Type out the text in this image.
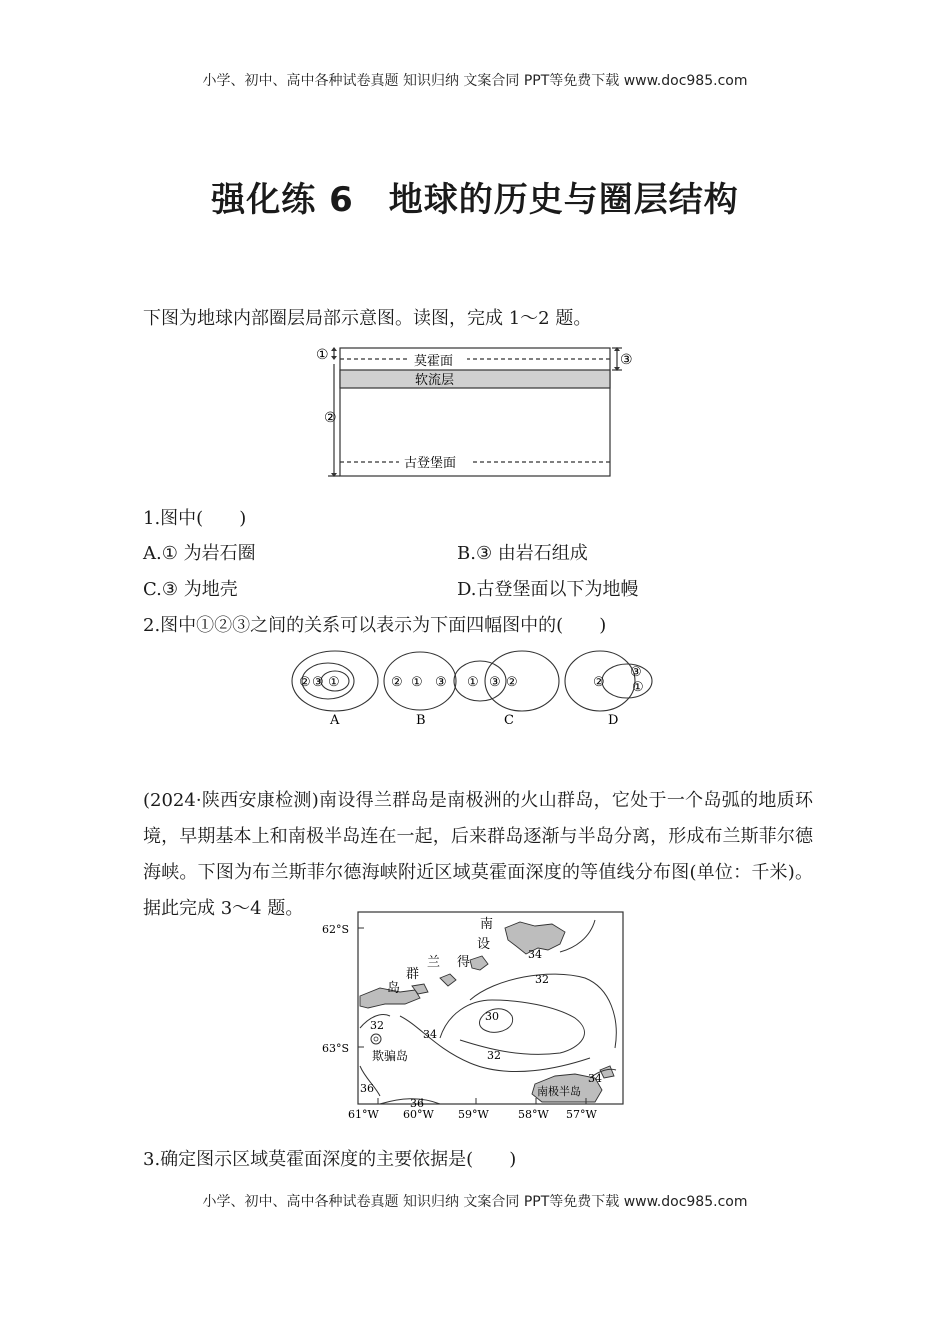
小学、初中、高中各种试卷真题 知识归纳 文案合同 PPT等免费下载 www.doc985.com
小学、初中、高中各种试卷真题 知识归纳 文案合同 PPT等免费下载 www.doc985.com
强化练 6　地球的历史与圈层结构
下图为地球内部圈层局部示意图。读图，完成 1～2 题。
①
②
③
莫霍面
软流层
古登堡面
1.图中(　　)
A.① 为岩石圈	B.③ 由岩石组成
C.③ 为地壳	D.古登堡面以下为地幔
2.图中①②③之间的关系可以表示为下面四幅图中的(　　)
② ③ ①	② ① ③ ① ③ ②	②
③
①
A	B	C	D
(2024·陕西安康检测)南设得兰群岛是南极洲的火山群岛，它处于一个岛弧的地质环境，早期基本上和南极半岛连在一起，后来群岛逐渐与半岛分离，形成布兰斯菲尔德海峡。下图为布兰斯菲尔德海峡附近区域莫霍面深度的等值线分布图(单位：千米)。据此完成 3～4 题。
62°S
63°S
61°W 60°W 59°W	58°W 57°W
南
设
得
兰
群
岛
欺骗岛
南极半岛
34
32
30
32
34
32
36
36
34
3.确定图示区域莫霍面深度的主要依据是(　　)
